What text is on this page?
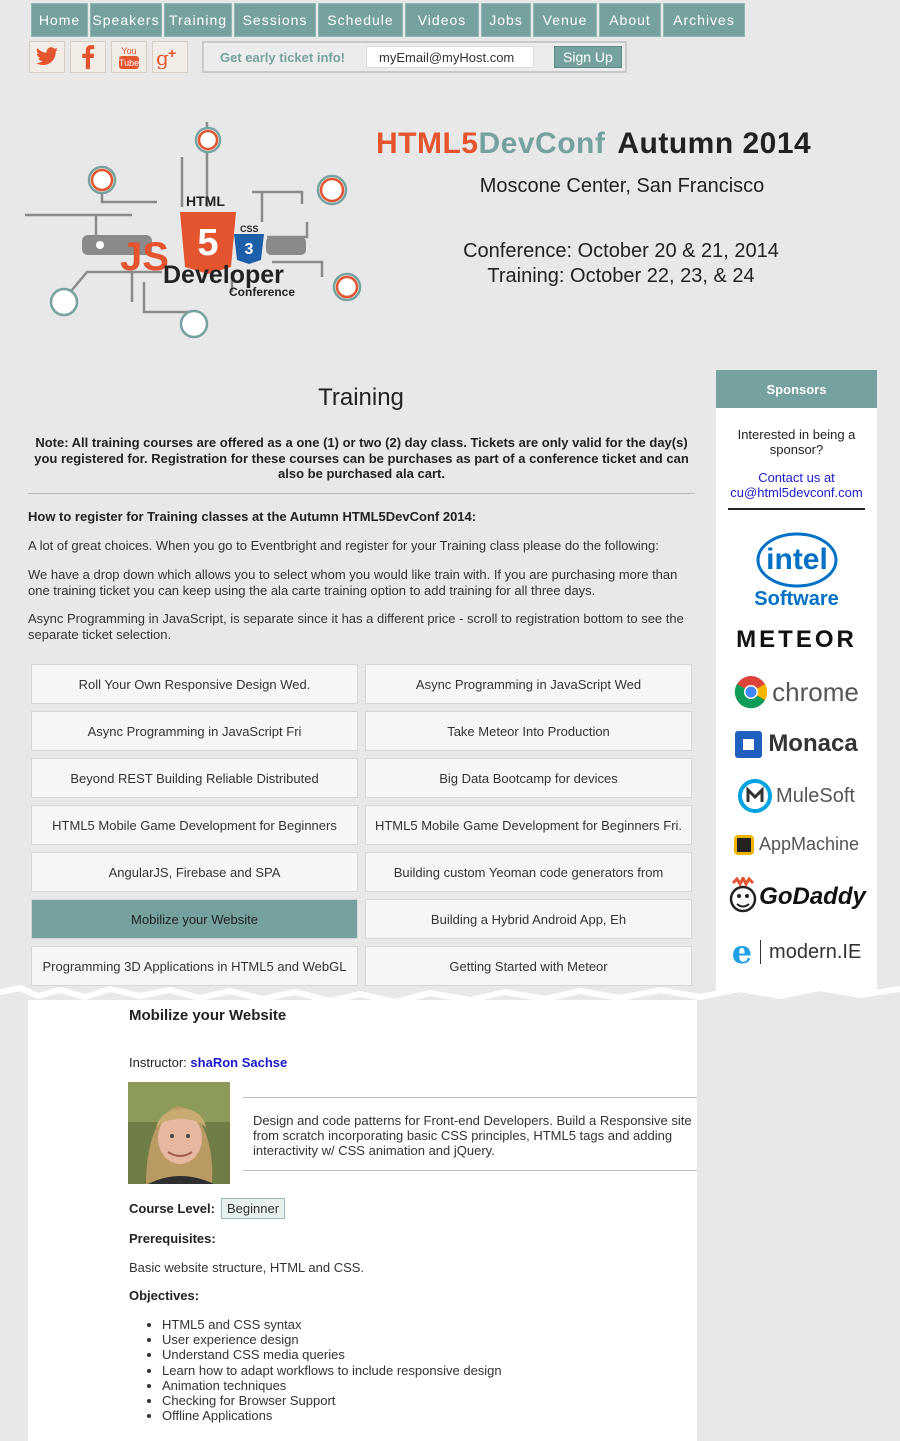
Home Speakers Training	Sessions	Schedule	Videos	Jobs	Venue	About	Archives
You
Tube g +	Get early ticket info!
myEmail@myHost.com	Sign Up
JS 5 3
HTML
CSS
Developer
Conference
HTML5DevConf Autumn 2014
Moscone Center, San Francisco
Conference: October 20 & 21, 2014
Training: October 22, 23, & 24
Training
Note: All training courses are offered as a one (1) or two (2) day class. Tickets are only valid for the day(s) you registered for. Registration for these courses can be purchases as part of a conference ticket and can also be purchased ala cart.
How to register for Training classes at the Autumn HTML5DevConf 2014:
A lot of great choices. When you go to Eventbright and register for your Training class please do the following:
We have a drop down which allows you to select whom you would like train with. If you are purchasing more than one training ticket you can keep using the ala carte training option to add training for all three days.
Async Programming in JavaScript, is separate since it has a different price - scroll to registration bottom to see the separate ticket selection.
Roll Your Own Responsive Design Wed.	Async Programming in JavaScript Wed
Async Programming in JavaScript Fri	Take Meteor Into Production
Beyond REST Building Reliable Distributed	Big Data Bootcamp for devices
HTML5 Mobile Game Development for Beginners	HTML5 Mobile Game Development for Beginners Fri.
AngularJS, Firebase and SPA	Building custom Yeoman code generators from
Mobilize your Website	Building a Hybrid Android App, Eh
Programming 3D Applications in HTML5 and WebGL	Getting Started with Meteor
Sponsors
Interested in being a sponsor?
Contact us at
cu@html5devconf.com
intel
Software
METEOR
chrome
Monaca
MuleSoft
AppMachine
GoDaddy
e modern.IE
Mobilize your Website
Instructor: shaRon Sachse
Design and code patterns for Front-end Developers. Build a Responsive site from scratch incorporating basic CSS principles, HTML5 tags and adding interactivity w/ CSS animation and jQuery.
Course Level: Beginner
Prerequisites:
Basic website structure, HTML and CSS.
Objectives:
• HTML5 and CSS syntax
• User experience design
• Understand CSS media queries
• Learn how to adapt workflows to include responsive design
• Animation techniques
• Checking for Browser Support
• Offline Applications
